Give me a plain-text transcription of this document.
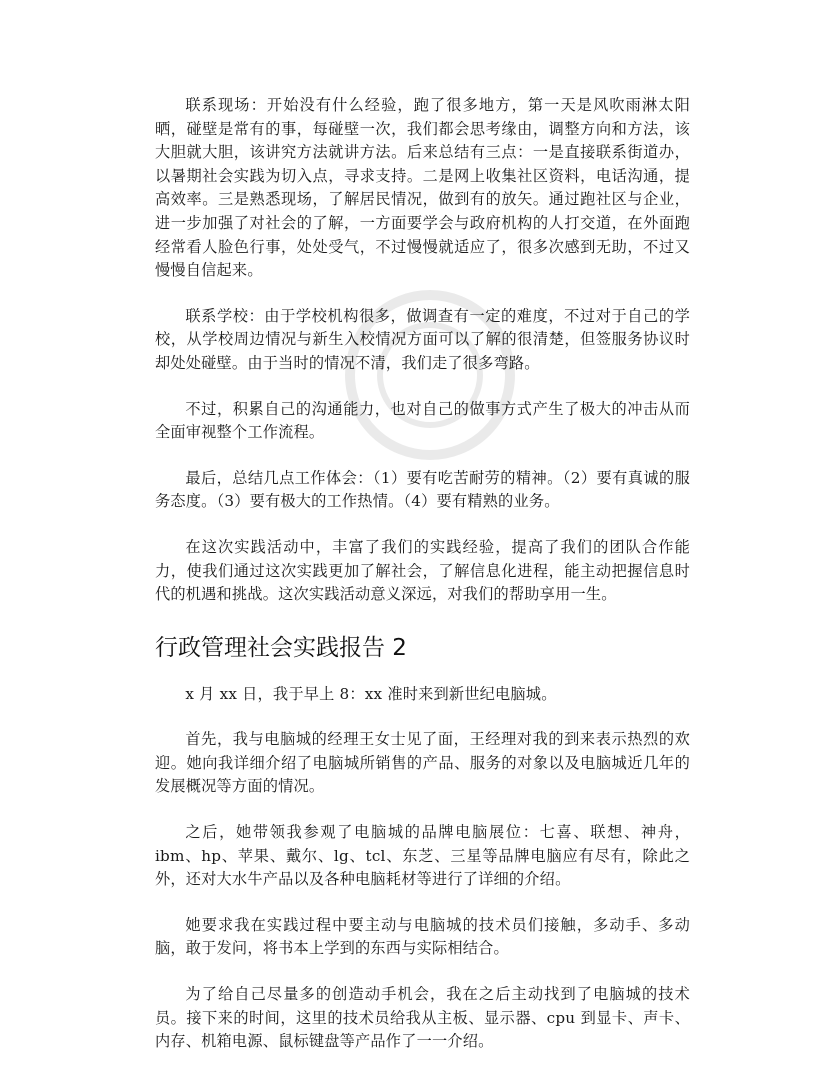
联系现场：开始没有什么经验，跑了很多地方，第一天是风吹雨淋太阳晒，碰壁是常有的事，每碰壁一次，我们都会思考缘由，调整方向和方法，该大胆就大胆，该讲究方法就讲方法。后来总结有三点：一是直接联系街道办，以暑期社会实践为切入点，寻求支持。二是网上收集社区资料，电话沟通，提高效率。三是熟悉现场，了解居民情况，做到有的放矢。通过跑社区与企业，进一步加强了对社会的了解，一方面要学会与政府机构的人打交道，在外面跑经常看人脸色行事，处处受气，不过慢慢就适应了，很多次感到无助，不过又慢慢自信起来。

联系学校：由于学校机构很多，做调查有一定的难度，不过对于自己的学校，从学校周边情况与新生入校情况方面可以了解的很清楚，但签服务协议时却处处碰壁。由于当时的情况不清，我们走了很多弯路。

不过，积累自己的沟通能力，也对自己的做事方式产生了极大的冲击从而全面审视整个工作流程。

最后，总结几点工作体会：（1）要有吃苦耐劳的精神。（2）要有真诚的服务态度。（3）要有极大的工作热情。（4）要有精熟的业务。

在这次实践活动中，丰富了我们的实践经验，提高了我们的团队合作能力，使我们通过这次实践更加了解社会，了解信息化进程，能主动把握信息时代的机遇和挑战。这次实践活动意义深远，对我们的帮助享用一生。

行政管理社会实践报告 2

x 月 xx 日，我于早上 8：xx 准时来到新世纪电脑城。

首先，我与电脑城的经理王女士见了面，王经理对我的到来表示热烈的欢迎。她向我详细介绍了电脑城所销售的产品、服务的对象以及电脑城近几年的发展概况等方面的情况。

之后，她带领我参观了电脑城的品牌电脑展位：七喜、联想、神舟，ibm、hp、苹果、戴尔、lg、tcl、东芝、三星等品牌电脑应有尽有，除此之外，还对大水牛产品以及各种电脑耗材等进行了详细的介绍。

她要求我在实践过程中要主动与电脑城的技术员们接触，多动手、多动脑，敢于发问，将书本上学到的东西与实际相结合。

为了给自己尽量多的创造动手机会，我在之后主动找到了电脑城的技术员。接下来的时间，这里的技术员给我从主板、显示器、cpu 到显卡、声卡、内存、机箱电源、鼠标键盘等产品作了一一介绍。
